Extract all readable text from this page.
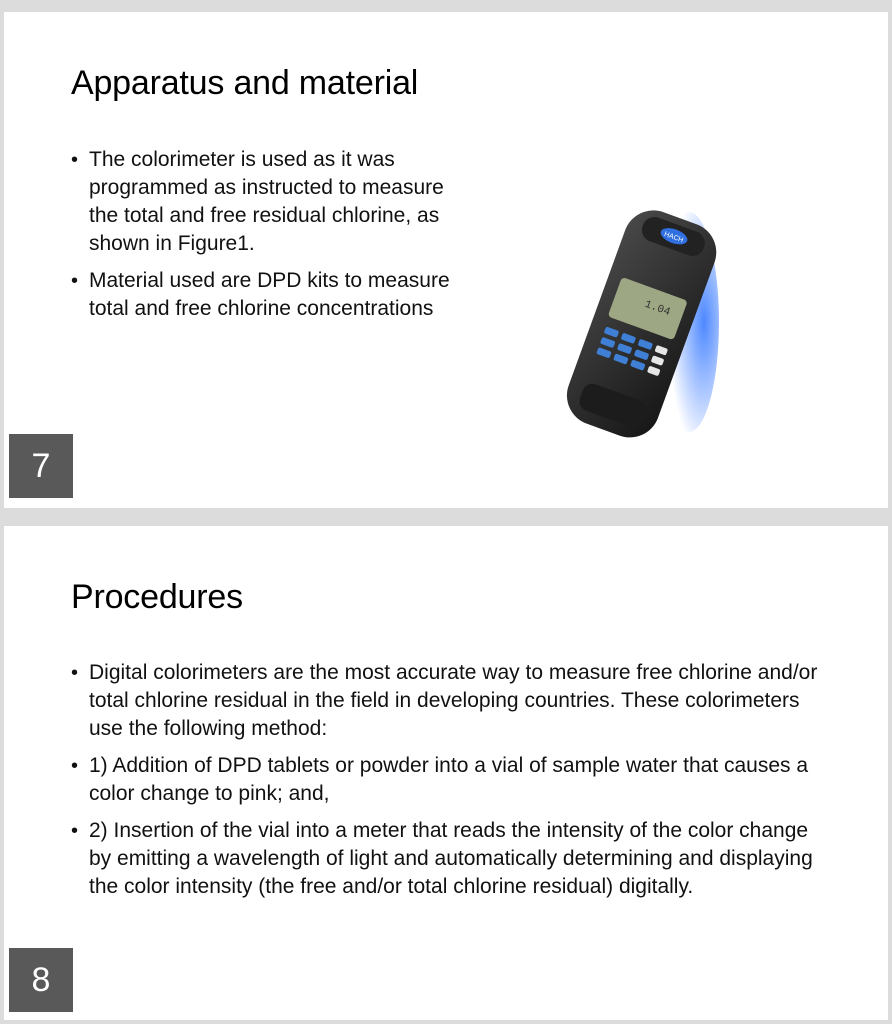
Apparatus and material
• The colorimeter is used as it was programmed as instructed to measure the total and free residual chlorine, as shown in Figure1.
• Material used are DPD kits to measure total and free chlorine concentrations
HACH
1.04
7
Procedures
• Digital colorimeters are the most accurate way to measure free chlorine and/or total chlorine residual in the field in developing countries. These colorimeters use the following method:
• 1) Addition of DPD tablets or powder into a vial of sample water that causes a color change to pink; and,
• 2) Insertion of the vial into a meter that reads the intensity of the color change by emitting a wavelength of light and automatically determining and displaying the color intensity (the free and/or total chlorine residual) digitally.
8
